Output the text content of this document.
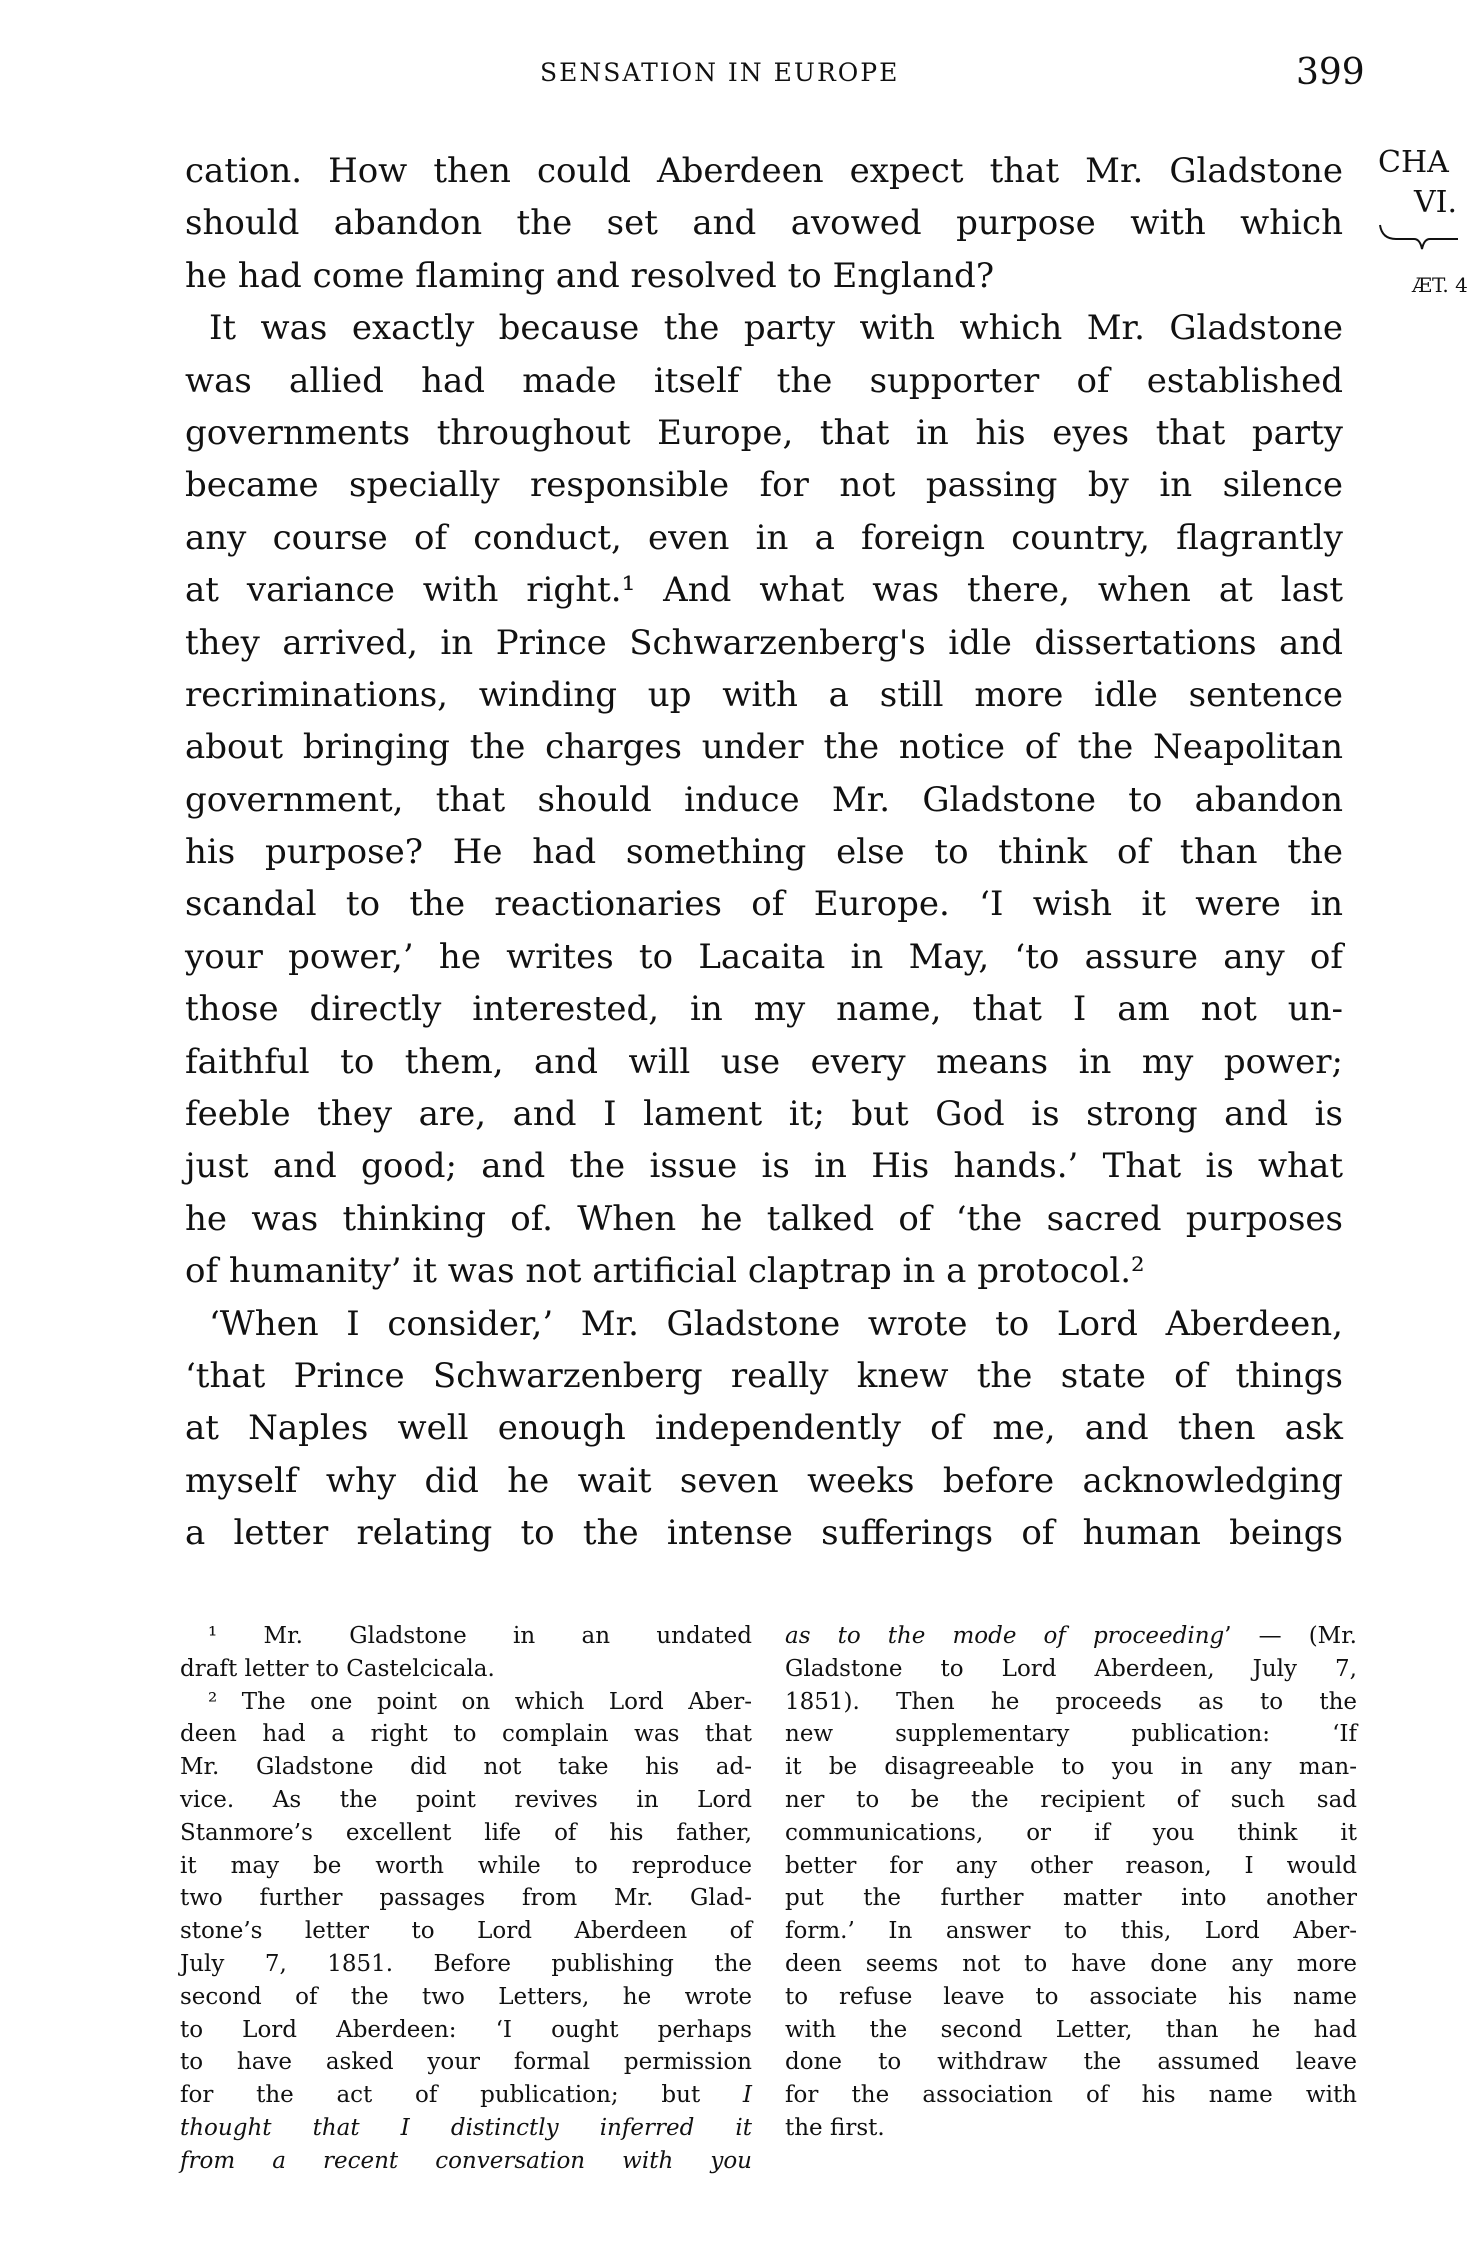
SENSATION IN EUROPE	399
CHA
VI.
ÆT. 4
cation. How then could Aberdeen expect that Mr. Gladstone
should abandon the set and avowed purpose with which
he had come flaming and resolved to England?
It was exactly because the party with which Mr. Gladstone
was allied had made itself the supporter of established
governments throughout Europe, that in his eyes that party
became specially responsible for not passing by in silence
any course of conduct, even in a foreign country, flagrantly
at variance with right.¹ And what was there, when at last
they arrived, in Prince Schwarzenberg's idle dissertations and
recriminations, winding up with a still more idle sentence
about bringing the charges under the notice of the Neapolitan
government, that should induce Mr. Gladstone to abandon
his purpose? He had something else to think of than the
scandal to the reactionaries of Europe. ‘I wish it were in
your power,’ he writes to Lacaita in May, ‘to assure any of
those directly interested, in my name, that I am not un-
faithful to them, and will use every means in my power;
feeble they are, and I lament it; but God is strong and is
just and good; and the issue is in His hands.’ That is what
he was thinking of. When he talked of ‘the sacred purposes
of humanity’ it was not artificial claptrap in a protocol.²
‘When I consider,’ Mr. Gladstone wrote to Lord Aberdeen,
‘that Prince Schwarzenberg really knew the state of things
at Naples well enough independently of me, and then ask
myself why did he wait seven weeks before acknowledging
a letter relating to the intense sufferings of human beings
¹ Mr. Gladstone in an undated
draft letter to Castelcicala.
² The one point on which Lord Aber-
deen had a right to complain was that
Mr. Gladstone did not take his ad-
vice. As the point revives in Lord
Stanmore’s excellent life of his father,
it may be worth while to reproduce
two further passages from Mr. Glad-
stone’s letter to Lord Aberdeen of
July 7, 1851. Before publishing the
second of the two Letters, he wrote
to Lord Aberdeen: ‘I ought perhaps
to have asked your formal permission
for the act of publication; but I
thought that I distinctly inferred it
from a recent conversation with you
as to the mode of proceeding’ — (Mr.
Gladstone to Lord Aberdeen, July 7,
1851). Then he proceeds as to the
new supplementary publication: ‘If
it be disagreeable to you in any man-
ner to be the recipient of such sad
communications, or if you think it
better for any other reason, I would
put the further matter into another
form.’ In answer to this, Lord Aber-
deen seems not to have done any more
to refuse leave to associate his name
with the second Letter, than he had
done to withdraw the assumed leave
for the association of his name with
the first.
